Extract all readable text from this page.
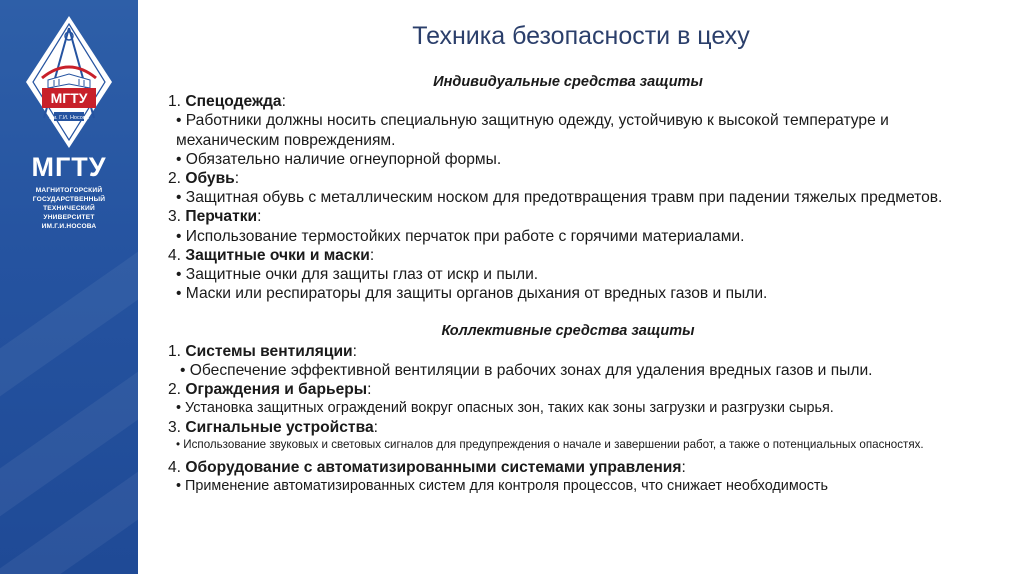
МГТУ
им. Г.И. Носова
МГТУ
МАГНИТОГОРСКИЙ
ГОСУДАРСТВЕННЫЙ
ТЕХНИЧЕСКИЙ
УНИВЕРСИТЕТ
ИМ.Г.И.НОСОВА
Техника безопасности в цеху
Индивидуальные средства защиты
1. Спецодежда:
• Работники должны носить специальную защитную одежду, устойчивую к высокой температуре и механическим повреждениям.
• Обязательно наличие огнеупорной формы.
2. Обувь:
• Защитная обувь с металлическим носком для предотвращения травм при падении тяжелых предметов.
3. Перчатки:
• Использование термостойких перчаток при работе с горячими материалами.
4. Защитные очки и маски:
• Защитные очки для защиты глаз от искр и пыли.
• Маски или респираторы для защиты органов дыхания от вредных газов и пыли.
Коллективные средства защиты
1. Системы вентиляции:
• Обеспечение эффективной вентиляции в рабочих зонах для удаления вредных газов и пыли.
2. Ограждения и барьеры:
• Установка защитных ограждений вокруг опасных зон, таких как зоны загрузки и разгрузки сырья.
3. Сигнальные устройства:
• Использование звуковых и световых сигналов для предупреждения о начале и завершении работ, а также о потенциальных опасностях.
4. Оборудование с автоматизированными системами управления:
• Применение автоматизированных систем для контроля процессов, что снижает необходимость
